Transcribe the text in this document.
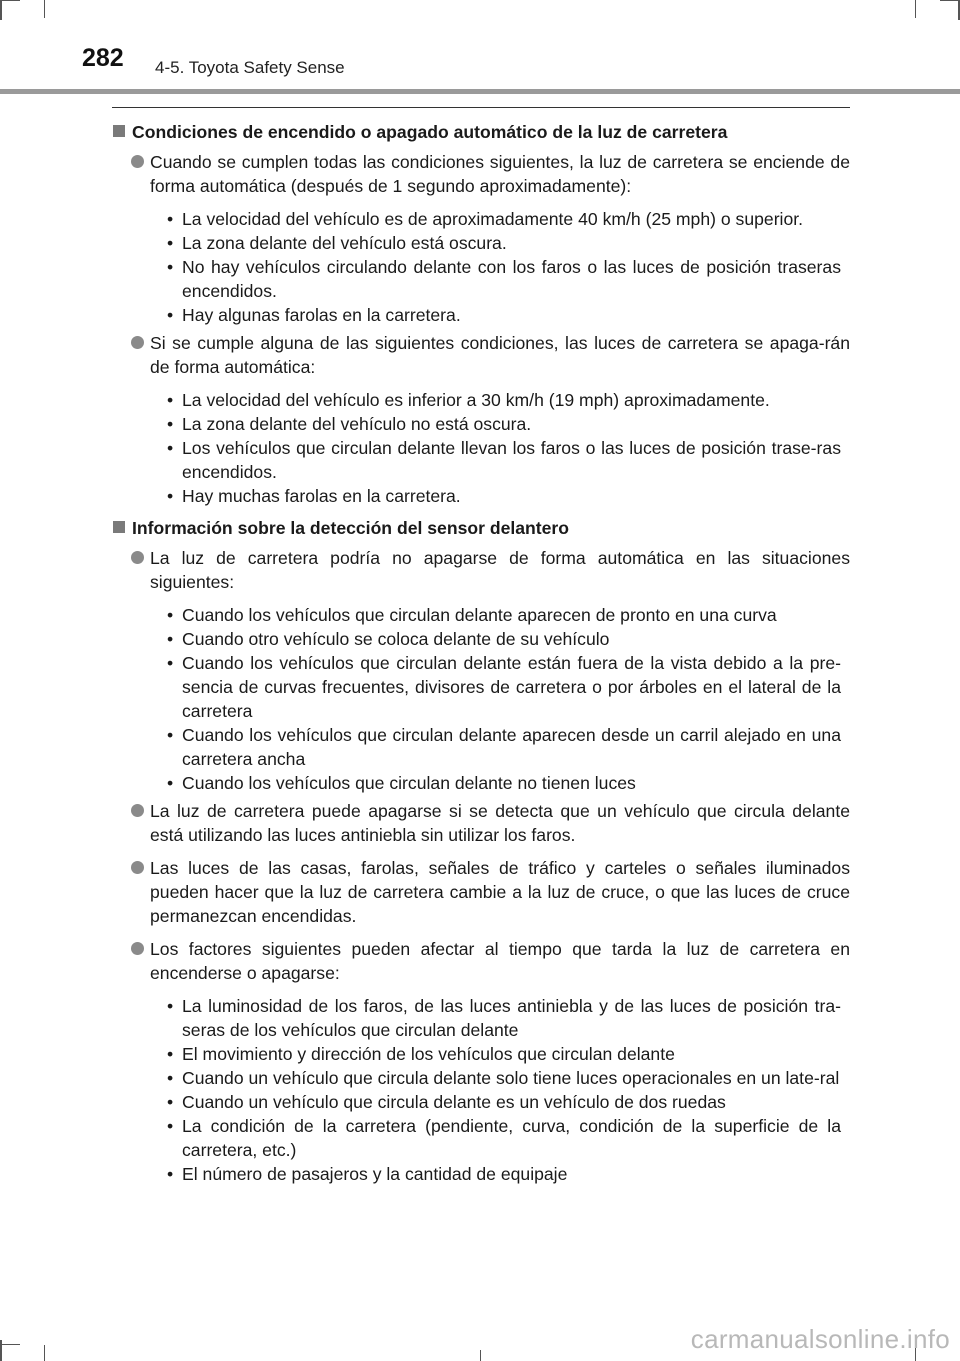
282 4-5. Toyota Safety Sense
Condiciones de encendido o apagado automático de la luz de carretera
Cuando se cumplen todas las condiciones siguientes, la luz de carretera se enciende de forma automática (después de 1 segundo aproximadamente):
• La velocidad del vehículo es de aproximadamente 40 km/h (25 mph) o superior.
• La zona delante del vehículo está oscura.
• No hay vehículos circulando delante con los faros o las luces de posición traseras encendidos.
• Hay algunas farolas en la carretera.
Si se cumple alguna de las siguientes condiciones, las luces de carretera se apaga-rán de forma automática:
• La velocidad del vehículo es inferior a 30 km/h (19 mph) aproximadamente.
• La zona delante del vehículo no está oscura.
• Los vehículos que circulan delante llevan los faros o las luces de posición trase-ras encendidos.
• Hay muchas farolas en la carretera.
Información sobre la detección del sensor delantero
La luz de carretera podría no apagarse de forma automática en las situaciones siguientes:
• Cuando los vehículos que circulan delante aparecen de pronto en una curva
• Cuando otro vehículo se coloca delante de su vehículo
• Cuando los vehículos que circulan delante están fuera de la vista debido a la pre-sencia de curvas frecuentes, divisores de carretera o por árboles en el lateral de la carretera
• Cuando los vehículos que circulan delante aparecen desde un carril alejado en una carretera ancha
• Cuando los vehículos que circulan delante no tienen luces
La luz de carretera puede apagarse si se detecta que un vehículo que circula delante está utilizando las luces antiniebla sin utilizar los faros.
Las luces de las casas, farolas, señales de tráfico y carteles o señales iluminados pueden hacer que la luz de carretera cambie a la luz de cruce, o que las luces de cruce permanezcan encendidas.
Los factores siguientes pueden afectar al tiempo que tarda la luz de carretera en encenderse o apagarse:
• La luminosidad de los faros, de las luces antiniebla y de las luces de posición tra-seras de los vehículos que circulan delante
• El movimiento y dirección de los vehículos que circulan delante
• Cuando un vehículo que circula delante solo tiene luces operacionales en un late-ral
• Cuando un vehículo que circula delante es un vehículo de dos ruedas
• La condición de la carretera (pendiente, curva, condición de la superficie de la carretera, etc.)
• El número de pasajeros y la cantidad de equipaje
carmanualsonline.info
